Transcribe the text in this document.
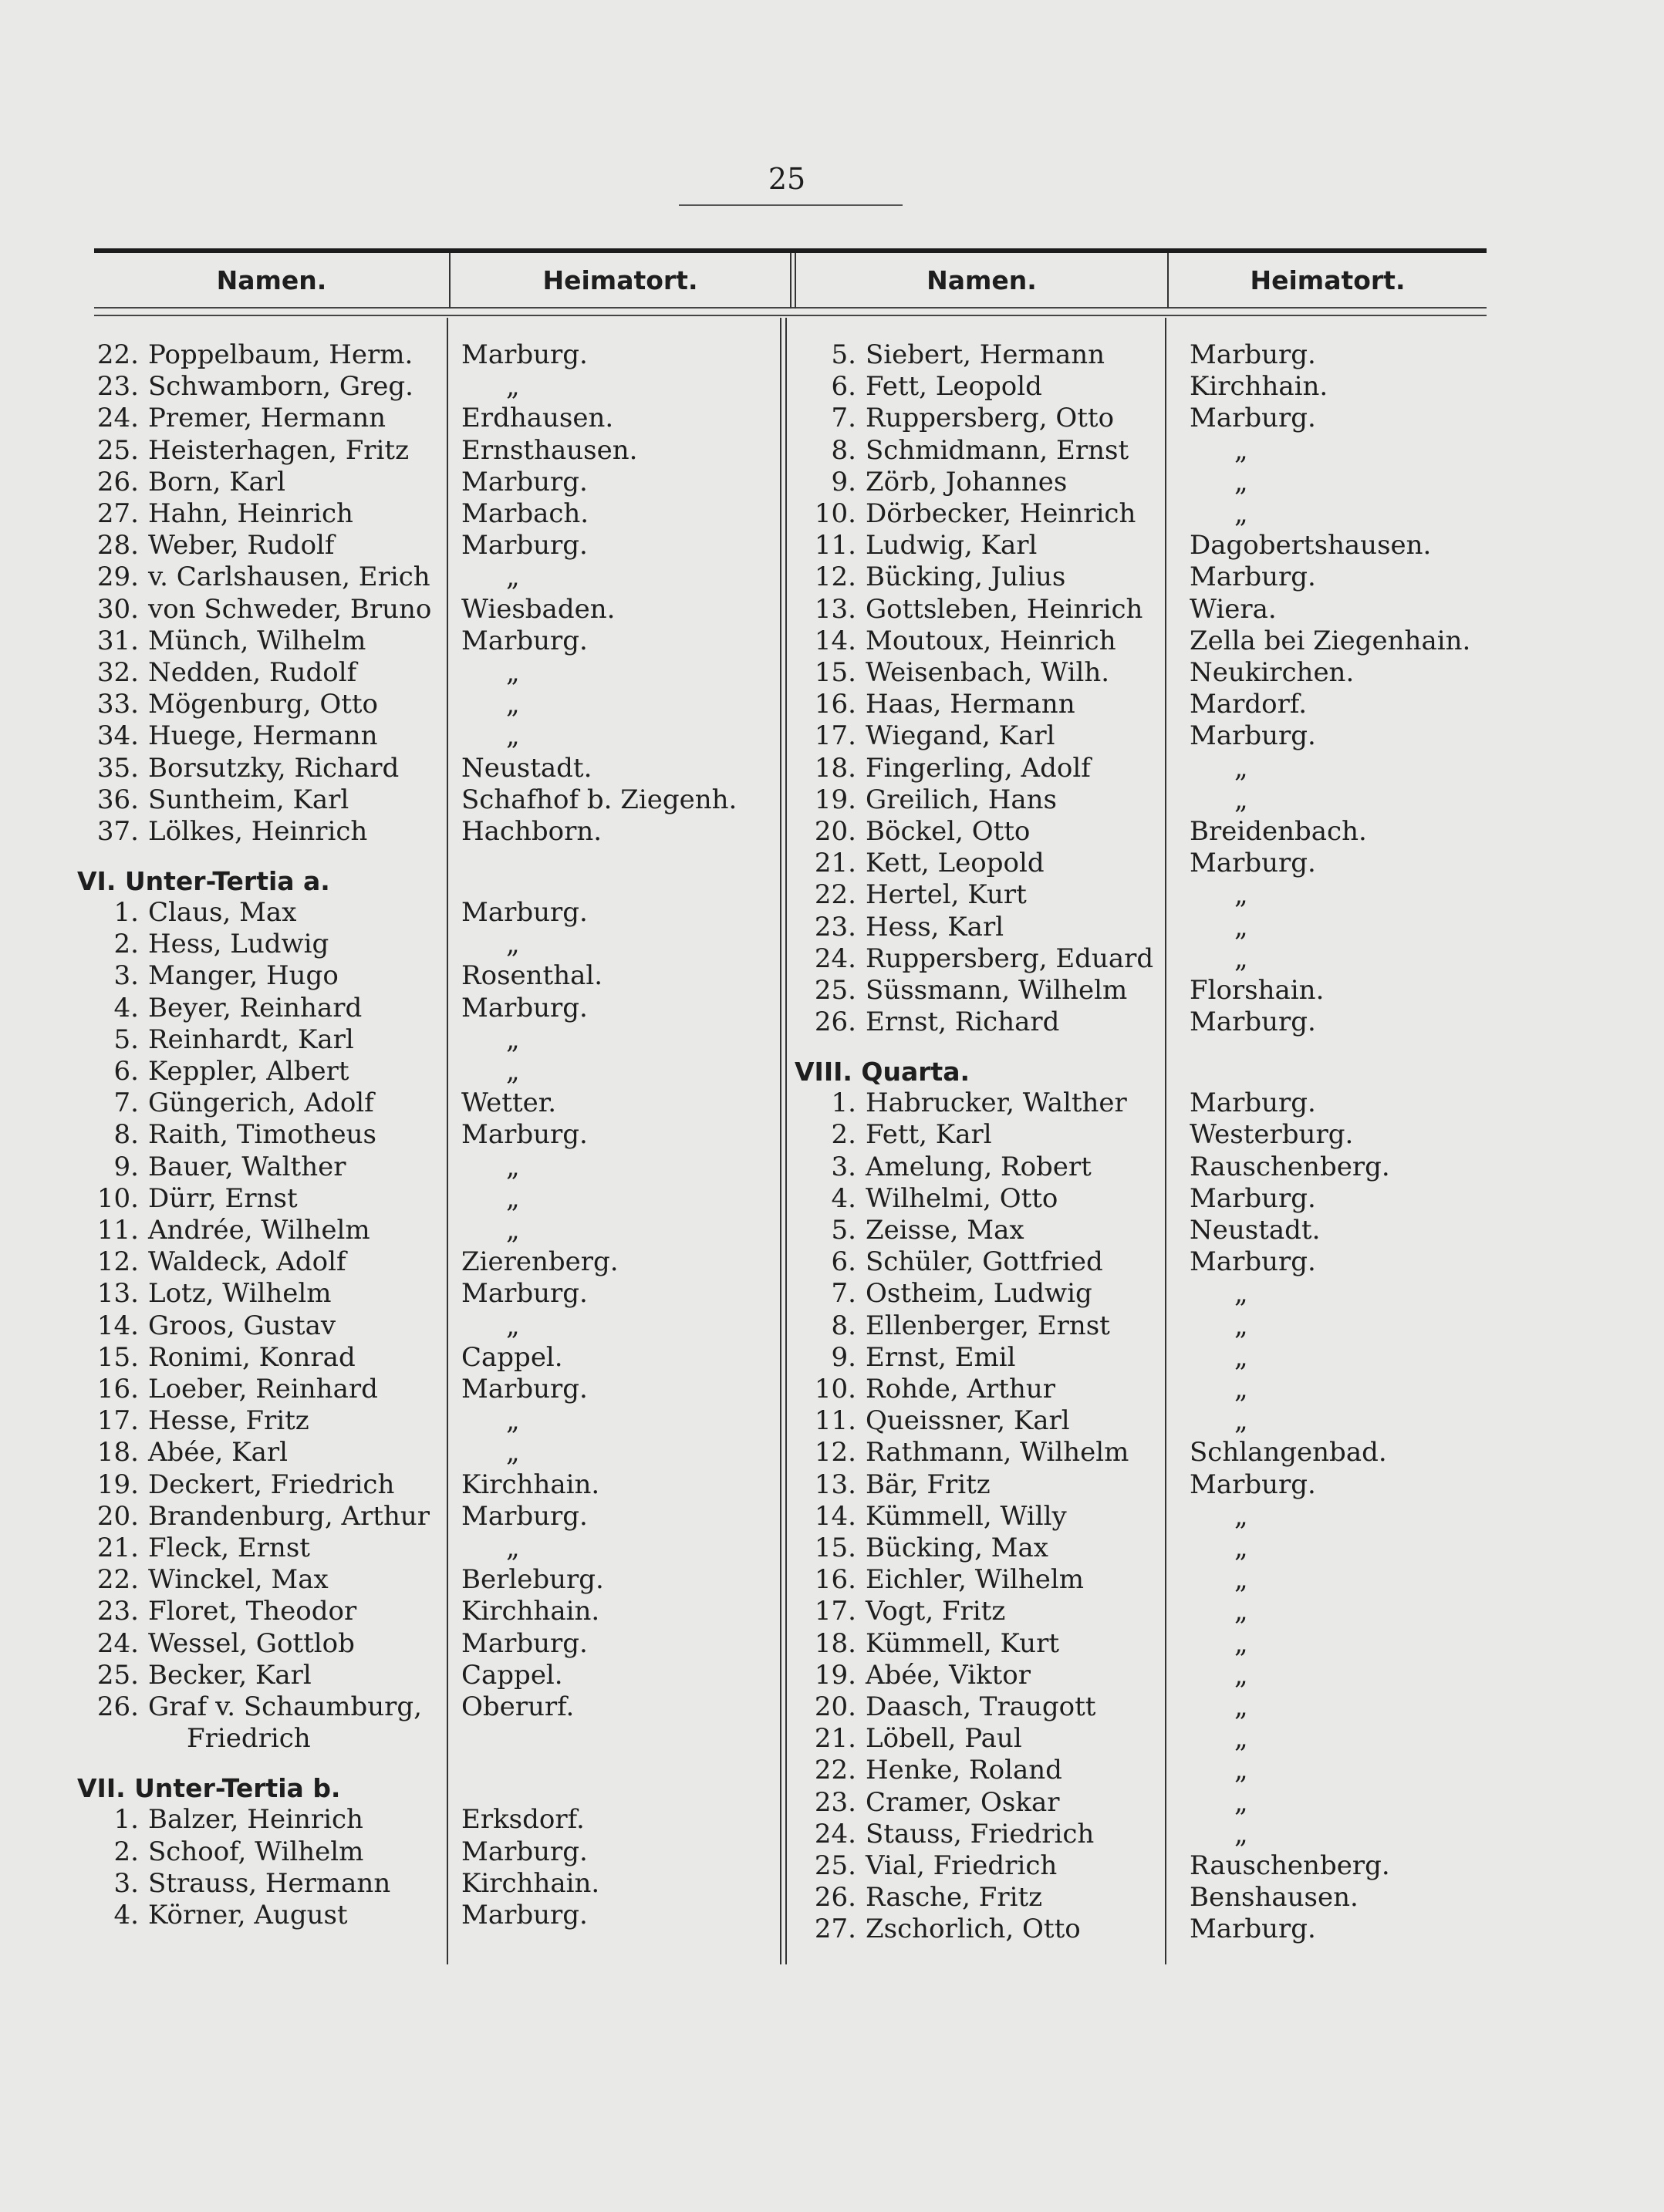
25
Namen.	Heimatort.	Namen.	Heimatort.
22. Poppelbaum, Herm. Marburg.
23. Schwamborn, Greg.	„
24. Premer, Hermann	Erdhausen.
25. Heisterhagen, Fritz Ernsthausen.
26. Born, Karl	Marburg.
27. Hahn, Heinrich	Marbach.
28. Weber, Rudolf	Marburg.
29. v. Carlshausen, Erich	„
30. von Schweder, Bruno Wiesbaden.
31. Münch, Wilhelm	Marburg.
32. Nedden, Rudolf	„
33. Mögenburg, Otto	„
34. Huege, Hermann	„
35. Borsutzky, Richard Neustadt.
36. Suntheim, Karl	Schafhof b. Ziegenh.
37. Lölkes, Heinrich	Hachborn.
VI. Unter-Tertia a.
1. Claus, Max	Marburg.
2. Hess, Ludwig	„
3. Manger, Hugo	Rosenthal.
4. Beyer, Reinhard	Marburg.
5. Reinhardt, Karl	„
6. Keppler, Albert	„
7. Güngerich, Adolf	Wetter.
8. Raith, Timotheus	Marburg.
9. Bauer, Walther	„
10. Dürr, Ernst	„
11. Andrée, Wilhelm	„
12. Waldeck, Adolf	Zierenberg.
13. Lotz, Wilhelm	Marburg.
14. Groos, Gustav	„
15. Ronimi, Konrad	Cappel.
16. Loeber, Reinhard	Marburg.
17. Hesse, Fritz	„
18. Abée, Karl	„
19. Deckert, Friedrich	Kirchhain.
20. Brandenburg, Arthur Marburg.
21. Fleck, Ernst	„
22. Winckel, Max	Berleburg.
23. Floret, Theodor	Kirchhain.
24. Wessel, Gottlob	Marburg.
25. Becker, Karl	Cappel.
26. Graf v. Schaumburg, Oberurf.
Friedrich
VII. Unter-Tertia b.
1. Balzer, Heinrich	Erksdorf.
2. Schoof, Wilhelm	Marburg.
3. Strauss, Hermann	Kirchhain.
4. Körner, August	Marburg.
5. Siebert, Hermann	Marburg.
6. Fett, Leopold	Kirchhain.
7. Ruppersberg, Otto	Marburg.
8. Schmidmann, Ernst	„
9. Zörb, Johannes	„
10. Dörbecker, Heinrich	„
11. Ludwig, Karl	Dagobertshausen.
12. Bücking, Julius	Marburg.
13. Gottsleben, Heinrich Wiera.
14. Moutoux, Heinrich	Zella bei Ziegenhain.
15. Weisenbach, Wilh.	Neukirchen.
16. Haas, Hermann	Mardorf.
17. Wiegand, Karl	Marburg.
18. Fingerling, Adolf	„
19. Greilich, Hans	„
20. Böckel, Otto	Breidenbach.
21. Kett, Leopold	Marburg.
22. Hertel, Kurt	„
23. Hess, Karl	„
24. Ruppersberg, Eduard	„
25. Süssmann, Wilhelm Florshain.
26. Ernst, Richard	Marburg.
VIII. Quarta.
1. Habrucker, Walther Marburg.
2. Fett, Karl	Westerburg.
3. Amelung, Robert	Rauschenberg.
4. Wilhelmi, Otto	Marburg.
5. Zeisse, Max	Neustadt.
6. Schüler, Gottfried	Marburg.
7. Ostheim, Ludwig	„
8. Ellenberger, Ernst	„
9. Ernst, Emil	„
10. Rohde, Arthur	„
11. Queissner, Karl	„
12. Rathmann, Wilhelm Schlangenbad.
13. Bär, Fritz	Marburg.
14. Kümmell, Willy	„
15. Bücking, Max	„
16. Eichler, Wilhelm	„
17. Vogt, Fritz	„
18. Kümmell, Kurt	„
19. Abée, Viktor	„
20. Daasch, Traugott	„
21. Löbell, Paul	„
22. Henke, Roland	„
23. Cramer, Oskar	„
24. Stauss, Friedrich	„
25. Vial, Friedrich	Rauschenberg.
26. Rasche, Fritz	Benshausen.
27. Zschorlich, Otto	Marburg.
